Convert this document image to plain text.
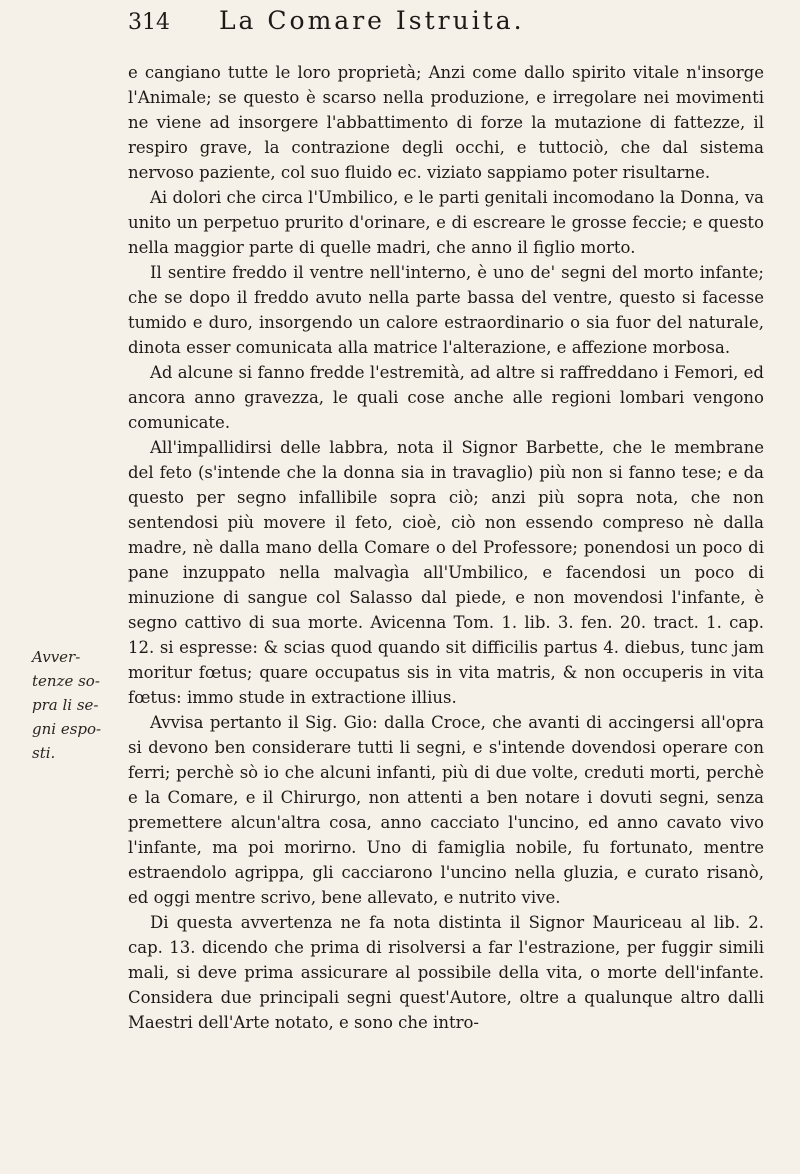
314 La Comare Istruita.
Avver-
tenze so-
pra li se-
gni espo-
sti.

e cangiano tutte le loro proprietà; Anzi come dallo spirito vitale n'insorge l'Animale; se questo è scarso nella produzione, e irregolare nei movimenti ne viene ad insorgere l'abbattimento di forze la mutazione di fattezze, il respiro grave, la contrazione degli occhi, e tuttociò, che dal sistema nervoso paziente, col suo fluido ec. viziato sappiamo poter risultarne.

Ai dolori che circa l'Umbilico, e le parti genitali incomodano la Donna, va unito un perpetuo prurito d'orinare, e di escreare le grosse feccie; e questo nella maggior parte di quelle madri, che anno il figlio morto.

Il sentire freddo il ventre nell'interno, è uno de' segni del morto infante; che se dopo il freddo avuto nella parte bassa del ventre, questo si facesse tumido e duro, insorgendo un calore estraordinario o sia fuor del naturale, dinota esser comunicata alla matrice l'alterazione, e affezione morbosa.

Ad alcune si fanno fredde l'estremità, ad altre si raffreddano i Femori, ed ancora anno gravezza, le quali cose anche alle regioni lombari vengono comunicate.

All'impallidirsi delle labbra, nota il Signor Barbette, che le membrane del feto (s'intende che la donna sia in travaglio) più non si fanno tese; e da questo per segno infallibile sopra ciò; anzi più sopra nota, che non sentendosi più movere il feto, cioè, ciò non essendo compreso nè dalla madre, nè dalla mano della Comare o del Professore; ponendosi un poco di pane inzuppato nella malvagìa all'Umbilico, e facendosi un poco di minuzione di sangue col Salasso dal piede, e non movendosi l'infante, è segno cattivo di sua morte. Avicenna Tom. 1. lib. 3. fen. 20. tract. 1. cap. 12. si espresse: & scias quod quando sit difficilis partus 4. diebus, tunc jam moritur fœtus; quare occupatus sis in vita matris, & non occuperis in vita fœtus: immo stude in extractione illius.

Avvisa pertanto il Sig. Gio: dalla Croce, che avanti di accingersi all'opra si devono ben considerare tutti li segni, e s'intende dovendosi operare con ferri; perchè sò io che alcuni infanti, più di due volte, creduti morti, perchè e la Comare, e il Chirurgo, non attenti a ben notare i dovuti segni, senza premettere alcun'altra cosa, anno cacciato l'uncino, ed anno cavato vivo l'infante, ma poi morirno. Uno di famiglia nobile, fu fortunato, mentre estraendolo agrippa, gli cacciarono l'uncino nella gluzia, e curato risanò, ed oggi mentre scrivo, bene allevato, e nutrito vive.

Di questa avvertenza ne fa nota distinta il Signor Mauriceau al lib. 2. cap. 13. dicendo che prima di risolversi a far l'estrazione, per fuggir simili mali, si deve prima assicurare al possibile della vita, o morte dell'infante. Considera due principali segni quest'Autore, oltre a qualunque altro dalli Maestri dell'Arte notato, e sono che intro-
